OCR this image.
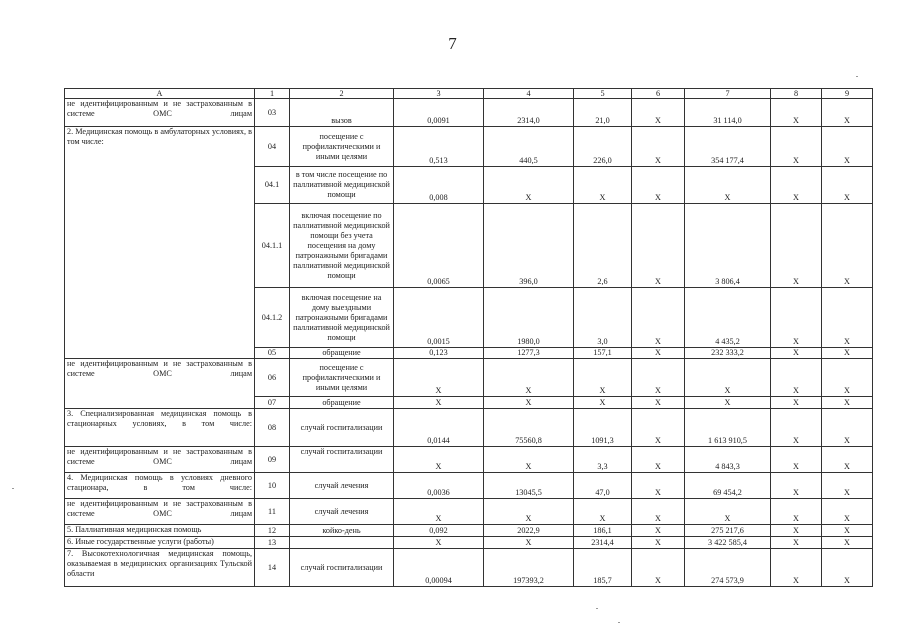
7
A	1	2	3	4	5	6	7	8	9
не идентифицированным и не застрахованным в системе ОМС лицам	03	вызов	0,0091	2314,0	21,0	X	31 114,0	X	X
2. Медицинская помощь в амбулаторных условиях, в том числе:	04	посещение с профилактическими и иными целями	0,513	440,5	226,0	X	354 177,4	X	X
	04.1	в том числе посещение по паллиативной медицинской помощи	0,008	X	X	X	X	X	X
	04.1.1	включая посещение по паллиативной медицинской помощи без учета посещения на дому патронажными бригадами паллиативной медицинской помощи	0,0065	396,0	2,6	X	3 806,4	X	X
	04.1.2	включая посещение на дому выездными патронажными бригадами паллиативной медицинской помощи	0,0015	1980,0	3,0	X	4 435,2	X	X
	05	обращение	0,123	1277,3	157,1	X	232 333,2	X	X
не идентифицированным и не застрахованным в системе ОМС лицам	06	посещение с профилактическими и иными целями	X	X	X	X	X	X	X
	07	обращение	X	X	X	X	X	X	X
3. Специализированная медицинская помощь в стационарных условиях, в том числе:	08	случай госпитализации	0,0144	75560,8	1091,3	X	1 613 910,5	X	X
не идентифицированным и не застрахованным в системе ОМС лицам	09	случай госпитализации	X	X	3,3	X	4 843,3	X	X
4. Медицинская помощь в условиях дневного стационара, в том числе:	10	случай лечения	0,0036	13045,5	47,0	X	69 454,2	X	X
не идентифицированным и не застрахованным в системе ОМС лицам	11	случай лечения	X	X	X	X	X	X	X
5. Паллиативная медицинская помощь	12	койко-день	0,092	2022,9	186,1	X	275 217,6	X	X
6. Иные государственные услуги (работы)	13		X	X	2314,4	X	3 422 585,4	X	X
7. Высокотехнологичная медицинская помощь, оказываемая в медицинских организациях Тульской области	14	случай госпитализации	0,00094	197393,2	185,7	X	274 573,9	X	X
